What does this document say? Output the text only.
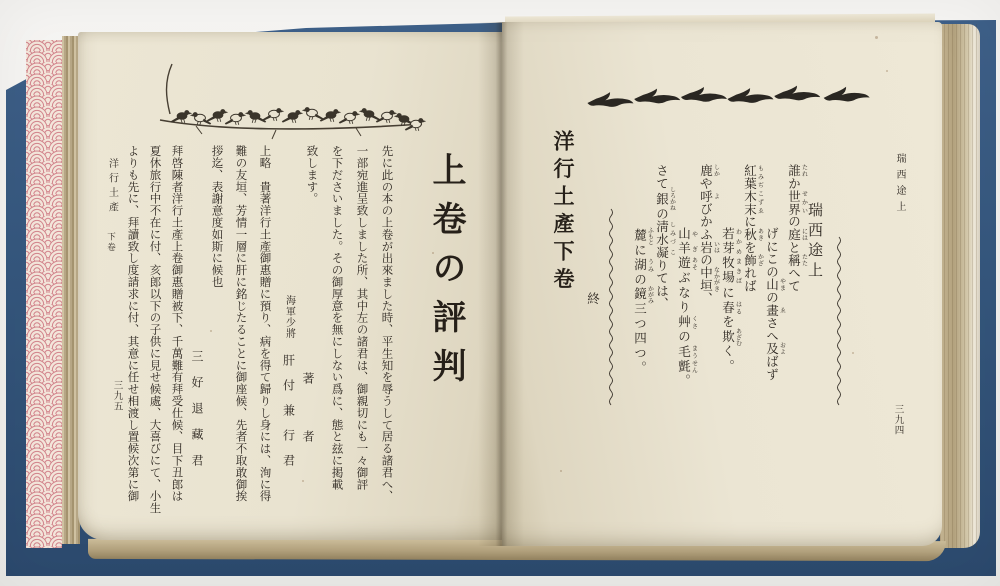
上卷の評判
先に此の本の上卷が出來ました時、平生知を辱うして居る諸君へ、
一部宛進呈致しました所、其中左の諸君は、御親切にも一々御評
を下ださいました。その御厚意を無にしない爲に、態と玆に掲載
致します。
著　者
海軍少將 肝付兼行君
上略　貴著洋行土產御惠贈に預り、病を得て歸りし身には、洵に得
難の友垣、芳情一層に肝に銘じたることに御座候、先者不取敢御挨
拶迄、表謝意度如斯に候也
三好退藏君
拜啓陳者洋行土產上卷御惠贈被下、千萬難有拜受仕候、目下丑郎は
夏休旅行中不在に付、亥郎以下の子供に見せ候處、大喜びにて、小生
よりも先に、拜讀致し度請求に付、其意に任せ相渡し置候次第に御
洋行土產 下卷
三九五
瑞西途上
瑞西途上
誰 たれか世界 せかいの庭 にはと稱 たたへて
げにこの山 やまの畫 ゑさへ及 およばず
紅葉 もみぢ木末 こずゑに秋 あきを飾 かざれば
若芽 わかめ牧場 まきばに春 はるを欺 あざむく。
鹿 しかや呼 よびかふ岩 いはの中垣 なかがき、
山羊 やぎ遊 あそぶなり艸 くさの毛氈 まうせん。
さて銀 しろかねの淸水 しみづ凝 こりては、
麓 ふもとに湖 うみの鏡 かがみ三つ四つ。
終
洋行土產下卷
三九四
